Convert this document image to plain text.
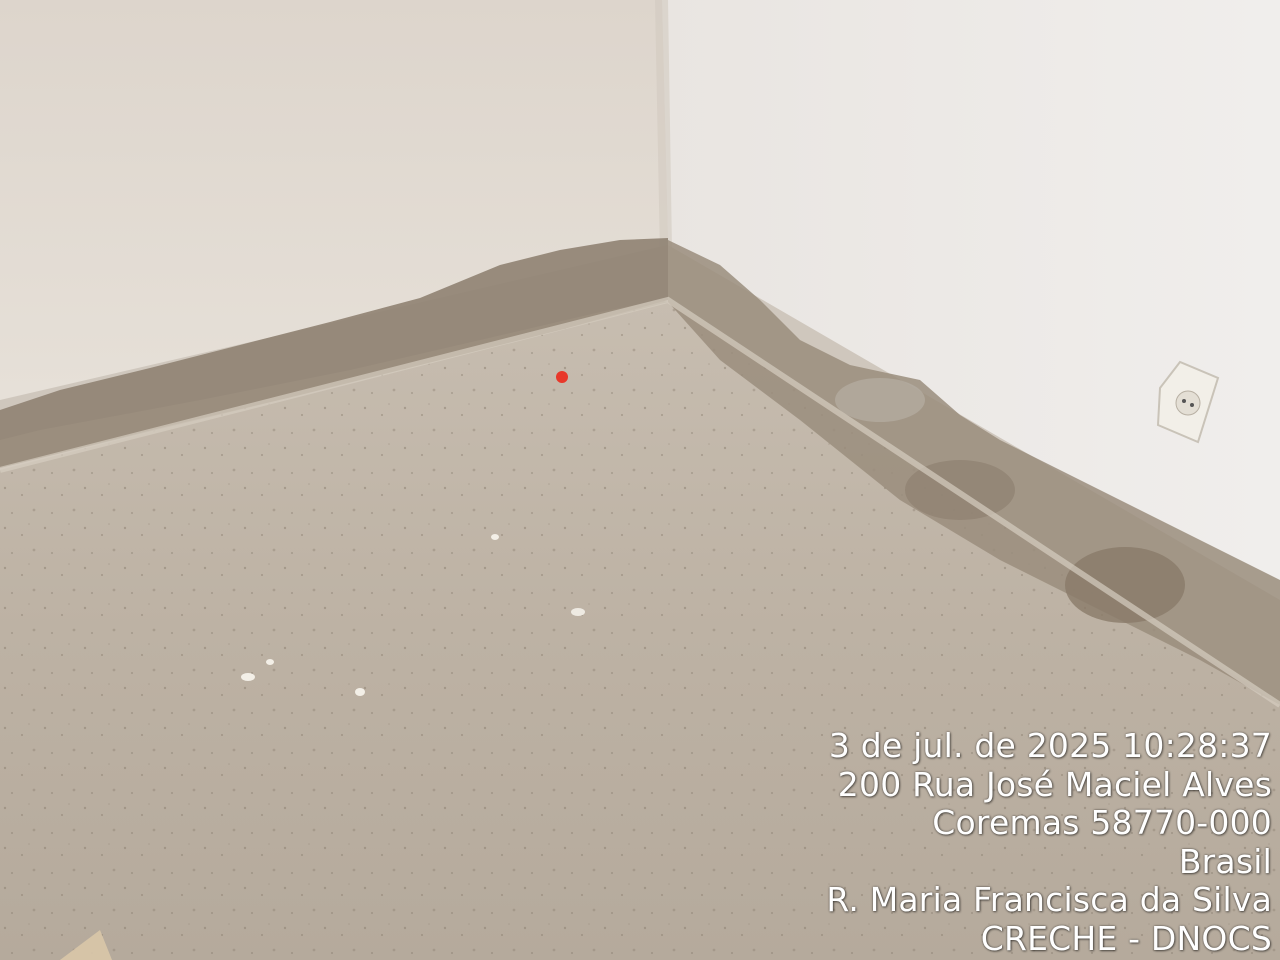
3 de jul. de 2025 10:28:37
200 Rua José Maciel Alves
Coremas 58770-000
Brasil
R. Maria Francisca da Silva
CRECHE - DNOCS
